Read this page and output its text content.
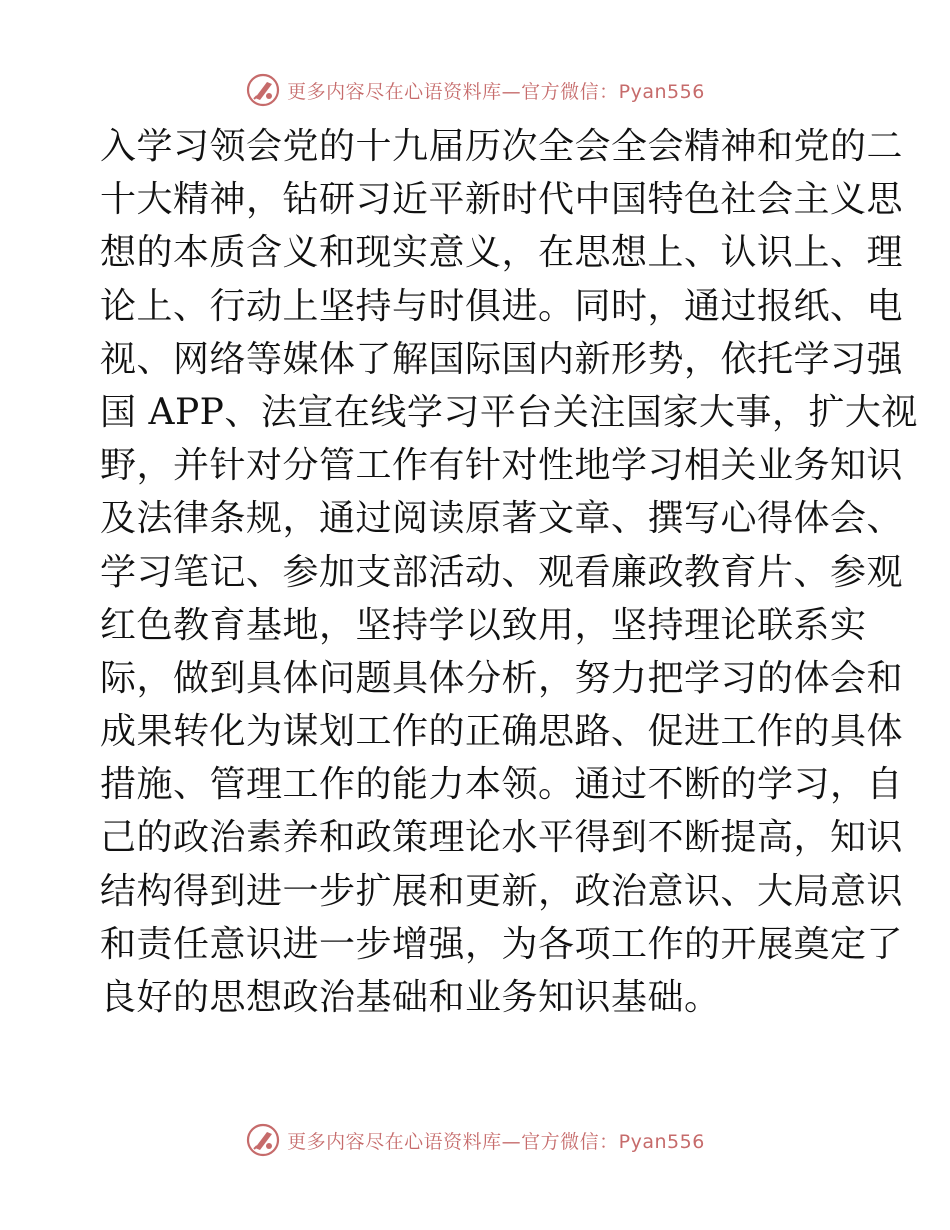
更多内容尽在心语资料库—官方微信：Pyan556
入学习领会党的十九届历次全会全会精神和党的二
十大精神，钻研习近平新时代中国特色社会主义思
想的本质含义和现实意义，在思想上、认识上、理
论上、行动上坚持与时俱进。同时，通过报纸、电
视、网络等媒体了解国际国内新形势，依托学习强
国 APP、法宣在线学习平台关注国家大事，扩大视
野，并针对分管工作有针对性地学习相关业务知识
及法律条规，通过阅读原著文章、撰写心得体会、
学习笔记、参加支部活动、观看廉政教育片、参观
红色教育基地，坚持学以致用，坚持理论联系实
际，做到具体问题具体分析，努力把学习的体会和
成果转化为谋划工作的正确思路、促进工作的具体
措施、管理工作的能力本领。通过不断的学习，自
己的政治素养和政策理论水平得到不断提高，知识
结构得到进一步扩展和更新，政治意识、大局意识
和责任意识进一步增强，为各项工作的开展奠定了
良好的思想政治基础和业务知识基础。
更多内容尽在心语资料库—官方微信：Pyan556
